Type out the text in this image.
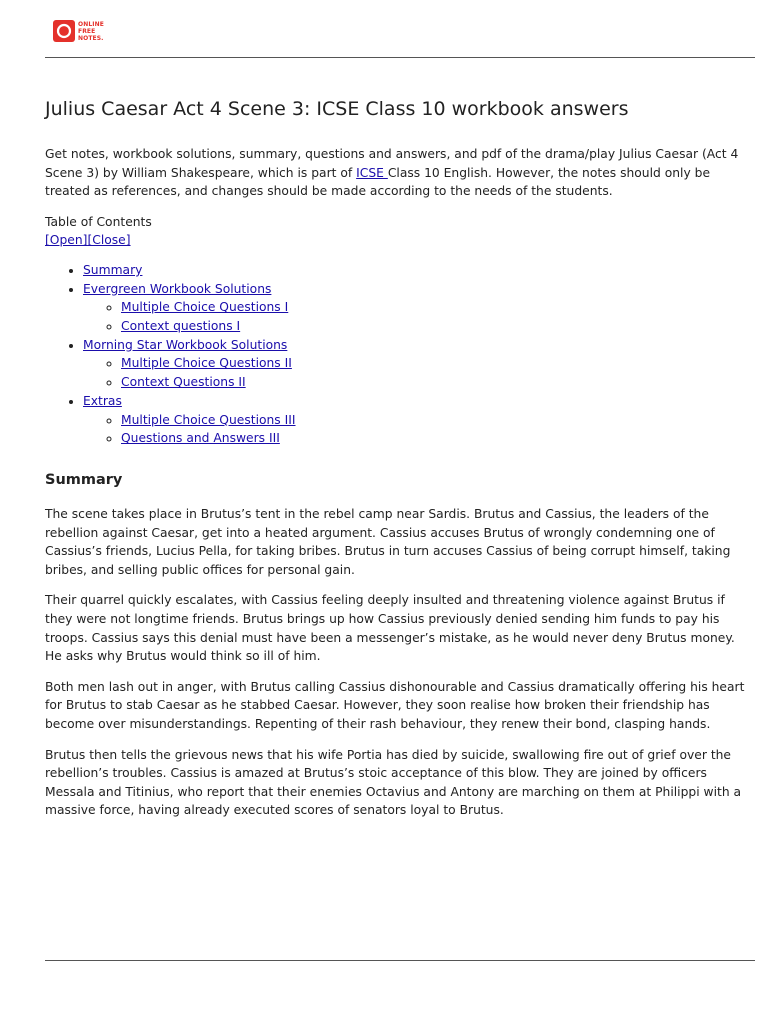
ONLINE
FREE
NOTES.
Julius Caesar Act 4 Scene 3: ICSE Class 10 workbook answers

Get notes, workbook solutions, summary, questions and answers, and pdf of the drama/play Julius Caesar (Act 4 Scene 3) by William Shakespeare, which is part of ICSE Class 10 English. However, the notes should only be treated as references, and changes should be made according to the needs of the students.

Table of Contents
[Open][Close]
• Summary
• Evergreen Workbook Solutions
◦ Multiple Choice Questions I
◦ Context questions I
• Morning Star Workbook Solutions
◦ Multiple Choice Questions II
◦ Context Questions II
• Extras
◦ Multiple Choice Questions III
◦ Questions and Answers III
Summary

The scene takes place in Brutus’s tent in the rebel camp near Sardis. Brutus and Cassius, the leaders of the rebellion against Caesar, get into a heated argument. Cassius accuses Brutus of wrongly condemning one of Cassius’s friends, Lucius Pella, for taking bribes. Brutus in turn accuses Cassius of being corrupt himself, taking bribes, and selling public offices for personal gain.

Their quarrel quickly escalates, with Cassius feeling deeply insulted and threatening violence against Brutus if they were not longtime friends. Brutus brings up how Cassius previously denied sending him funds to pay his troops. Cassius says this denial must have been a messenger’s mistake, as he would never deny Brutus money. He asks why Brutus would think so ill of him.

Both men lash out in anger, with Brutus calling Cassius dishonourable and Cassius dramatically offering his heart for Brutus to stab Caesar as he stabbed Caesar. However, they soon realise how broken their friendship has become over misunderstandings. Repenting of their rash behaviour, they renew their bond, clasping hands.

Brutus then tells the grievous news that his wife Portia has died by suicide, swallowing fire out of grief over the rebellion’s troubles. Cassius is amazed at Brutus’s stoic acceptance of this blow. They are joined by officers Messala and Titinius, who report that their enemies Octavius and Antony are marching on them at Philippi with a massive force, having already executed scores of senators loyal to Brutus.
